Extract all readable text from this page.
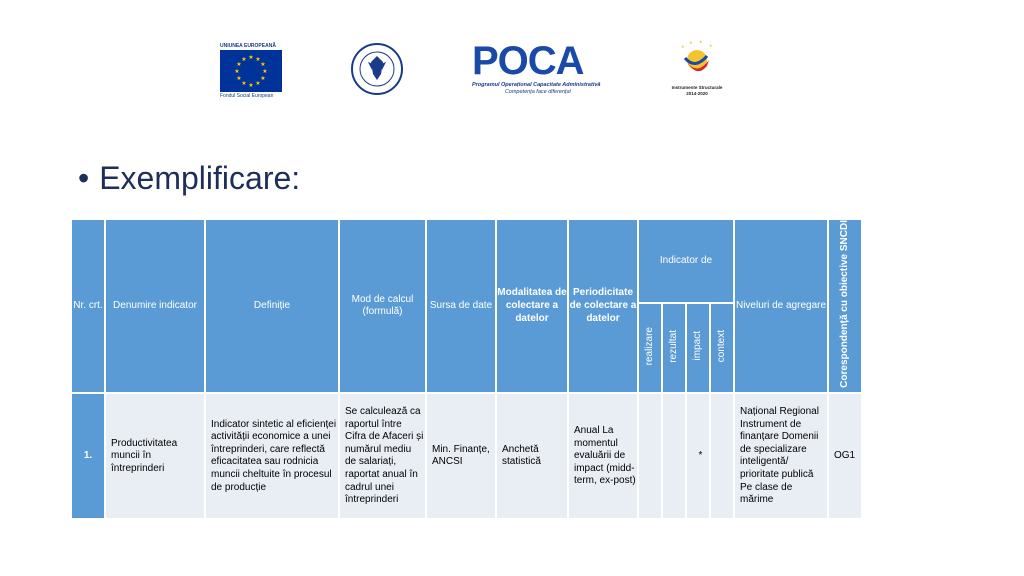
UNIUNEA EUROPEANĂ
★ ★
★
★
★
★
★
★
★
★
★
★
Fondul Social European
POCA
Programul Operațional Capacitate Administrativă
Competența face diferența!
★
★ ★
★
Instrumente Structurale
2014-2020
• Exemplificare:
Nr. crt.	Denumire indicator	Definiție	Mod de calcul (formulă)	Sursa de date	Modalitatea de colectare a datelor	Periodicitate de colectare a datelor	Indicator de				Niveluri de agregare	Corespondență cu obiective SNCDI
							realizare	rezultat	impact	context		
1.	Productivitatea muncii în întreprinderi	Indicator sintetic al eficienței activității economice a unei întreprinderi, care reflectă eficacitatea sau rodnicia muncii cheltuite în procesul de producție	Se calculează ca raportul între Cifra de Afaceri și numărul mediu de salariați, raportat anual în cadrul unei întreprinderi	Min. Finanțe, ANCSI	Anchetă statistică	Anual La momentul evaluării de impact (midd-term, ex-post)			*		Național Regional Instrument de finanțare Domenii de specializare inteligentă/ prioritate publică Pe clase de mărime	OG1
